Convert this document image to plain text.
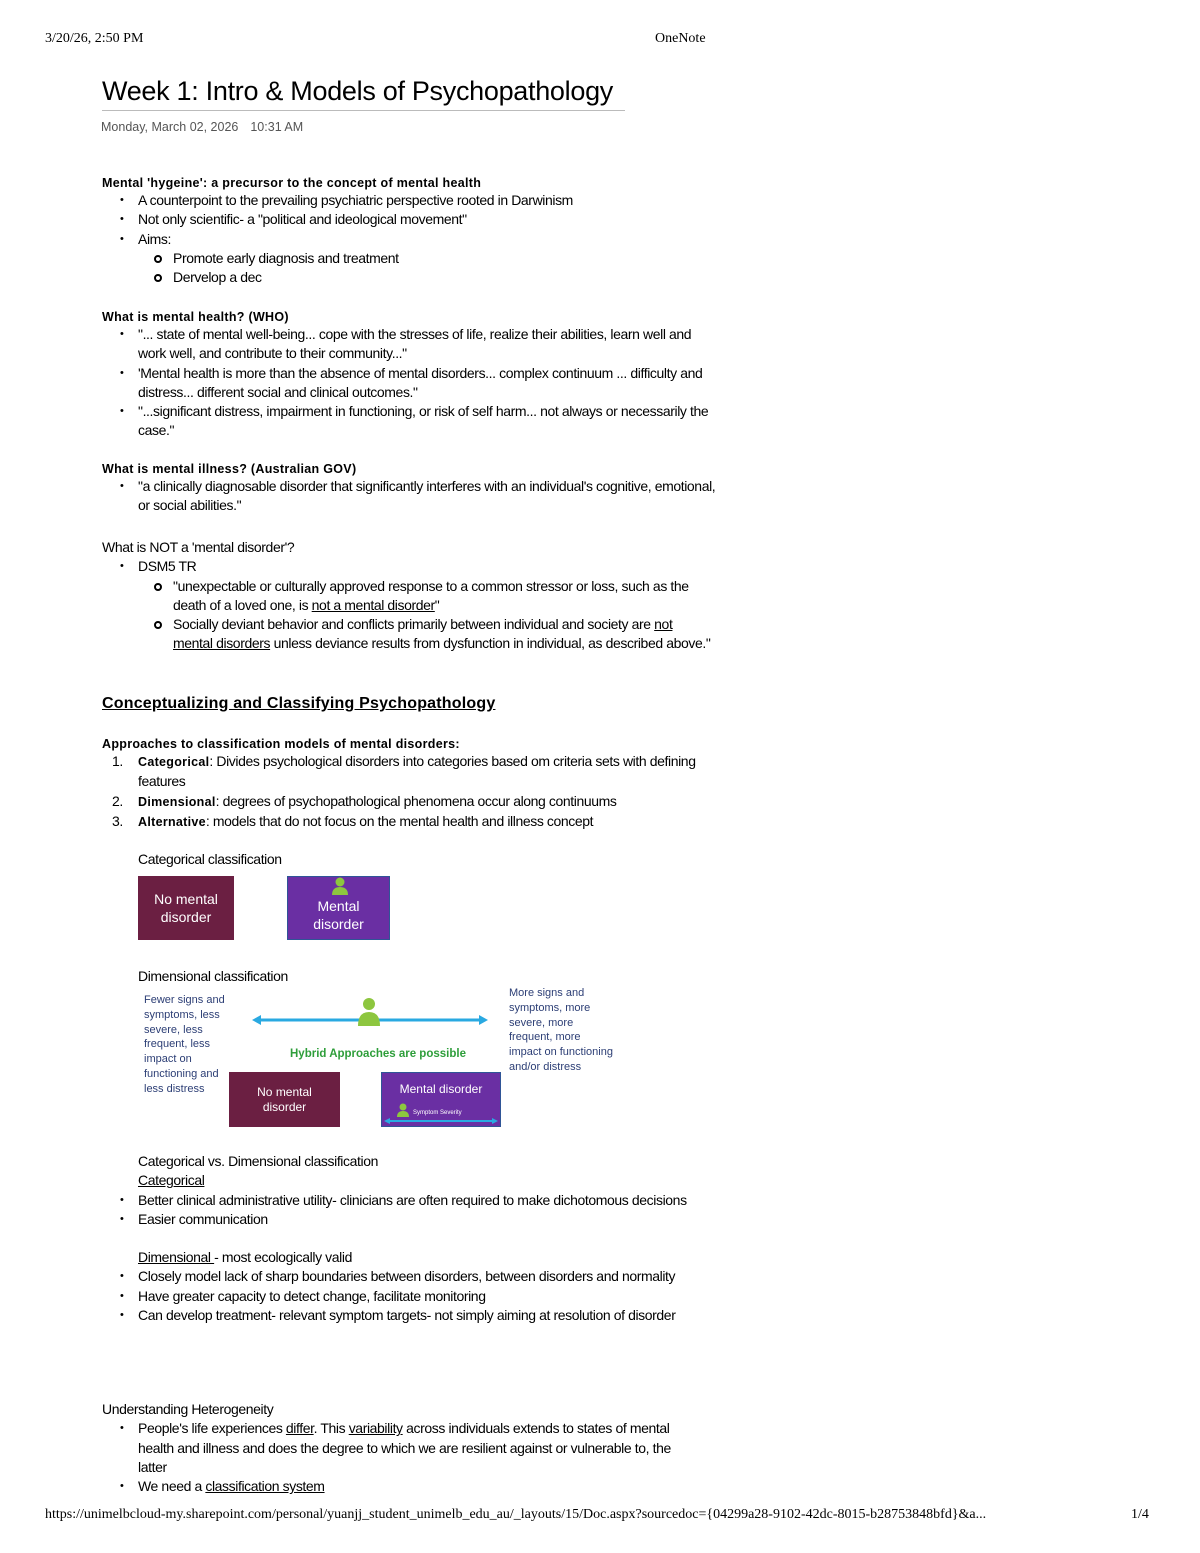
3/20/26, 2:50 PM	OneNote
Week 1: Intro & Models of Psychopathology
Monday, March 02, 2026 10:31 AM
Mental 'hygeine': a precursor to the concept of mental health
• A counterpoint to the prevailing psychiatric perspective rooted in Darwinism
• Not only scientific- a "political and ideological movement"
• Aims:
Promote early diagnosis and treatment
Dervelop a dec
What is mental health? (WHO)
• "... state of mental well-being... cope with the stresses of life, realize their abilities, learn well and work well, and contribute to their community..."
• 'Mental health is more than the absence of mental disorders... complex continuum ... difficulty and distress... different social and clinical outcomes."
• "...significant distress, impairment in functioning, or risk of self harm... not always or necessarily the case."
What is mental illness? (Australian GOV)
• "a clinically diagnosable disorder that significantly interferes with an individual's cognitive, emotional, or social abilities."
What is NOT a 'mental disorder'?
• DSM5 TR
"unexpectable or culturally approved response to a common stressor or loss, such as the death of a loved one, is not a mental disorder"
Socially deviant behavior and conflicts primarily between individual and society are not mental disorders unless deviance results from dysfunction in individual, as described above."
Conceptualizing and Classifying Psychopathology
Approaches to classification models of mental disorders:
1. Categorical: Divides psychological disorders into categories based om criteria sets with defining features
2. Dimensional: degrees of psychopathological phenomena occur along continuums
3. Alternative: models that do not focus on the mental health and illness concept
Categorical classification
No mental disorder
Mental disorder
Dimensional classification
Fewer signs and symptoms, less severe, less frequent, less impact on functioning and less distress
More signs and symptoms, more severe, more frequent, more impact on functioning and/or distress
Hybrid Approaches are possible
No mental disorder
Mental disorder
Symptom Severity
Categorical vs. Dimensional classification
Categorical
• Better clinical administrative utility- clinicians are often required to make dichotomous decisions
• Easier communication
Dimensional - most ecologically valid
• Closely model lack of sharp boundaries between disorders, between disorders and normality
• Have greater capacity to detect change, facilitate monitoring
• Can develop treatment- relevant symptom targets- not simply aiming at resolution of disorder
Understanding Heterogeneity
• People's life experiences differ. This variability across individuals extends to states of mental health and illness and does the degree to which we are resilient against or vulnerable to, the latter
• We need a classification system
https://unimelbcloud-my.sharepoint.com/personal/yuanjj_student_unimelb_edu_au/_layouts/15/Doc.aspx?sourcedoc={04299a28-9102-42dc-8015-b28753848bfd}&a...	1/4
